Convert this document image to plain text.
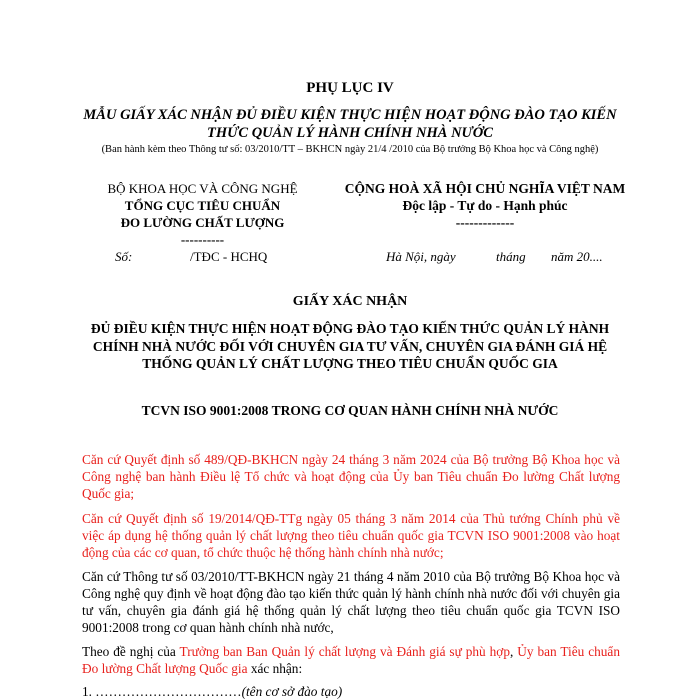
PHỤ LỤC IV
MẪU GIẤY XÁC NHẬN ĐỦ ĐIỀU KIỆN THỰC HIỆN HOẠT ĐỘNG ĐÀO TẠO KIẾN THỨC QUẢN LÝ HÀNH CHÍNH NHÀ NƯỚC
(Ban hành kèm theo Thông tư số: 03/2010/TT – BKHCN ngày 21/4 /2010 của Bộ trưởng Bộ Khoa học và Công nghệ)
BỘ KHOA HỌC VÀ CÔNG NGHỆ
TỔNG CỤC TIÊU CHUẨN
ĐO LƯỜNG CHẤT LƯỢNG
----------
CỘNG HOÀ XÃ HỘI CHỦ NGHĨA VIỆT NAM
Độc lập - Tự do - Hạnh phúc
-------------
Số:	/TĐC - HCHQ	Hà Nội, ngày	tháng năm 20....
GIẤY XÁC NHẬN
ĐỦ ĐIỀU KIỆN THỰC HIỆN HOẠT ĐỘNG ĐÀO TẠO KIẾN THỨC QUẢN LÝ HÀNH CHÍNH NHÀ NƯỚC ĐỐI VỚI CHUYÊN GIA TƯ VẤN, CHUYÊN GIA ĐÁNH GIÁ HỆ THỐNG QUẢN LÝ CHẤT LƯỢNG THEO TIÊU CHUẨN QUỐC GIA
TCVN ISO 9001:2008 TRONG CƠ QUAN HÀNH CHÍNH NHÀ NƯỚC
Căn cứ Quyết định số 489/QĐ-BKHCN ngày 24 tháng 3 năm 2024 của Bộ trưởng Bộ Khoa học và Công nghệ ban hành Điều lệ Tổ chức và hoạt động của Ủy ban Tiêu chuẩn Đo lường Chất lượng Quốc gia;
Căn cứ Quyết định số 19/2014/QĐ-TTg ngày 05 tháng 3 năm 2014 của Thủ tướng Chính phủ về việc áp dụng hệ thống quản lý chất lượng theo tiêu chuẩn quốc gia TCVN ISO 9001:2008 vào hoạt động của các cơ quan, tổ chức thuộc hệ thống hành chính nhà nước;
Căn cứ Thông tư số 03/2010/TT-BKHCN ngày 21 tháng 4 năm 2010 của Bộ trưởng Bộ Khoa học và Công nghệ quy định về hoạt động đào tạo kiến thức quản lý hành chính nhà nước đối với chuyên gia tư vấn, chuyên gia đánh giá hệ thống quản lý chất lượng theo tiêu chuẩn quốc gia TCVN ISO 9001:2008 trong cơ quan hành chính nhà nước,
Theo đề nghị của Trưởng ban Ban Quản lý chất lượng và Đánh giá sự phù hợp, Ủy ban Tiêu chuẩn Đo lường Chất lượng Quốc gia xác nhận:
1. ……………………………(tên cơ sở đào tạo)
